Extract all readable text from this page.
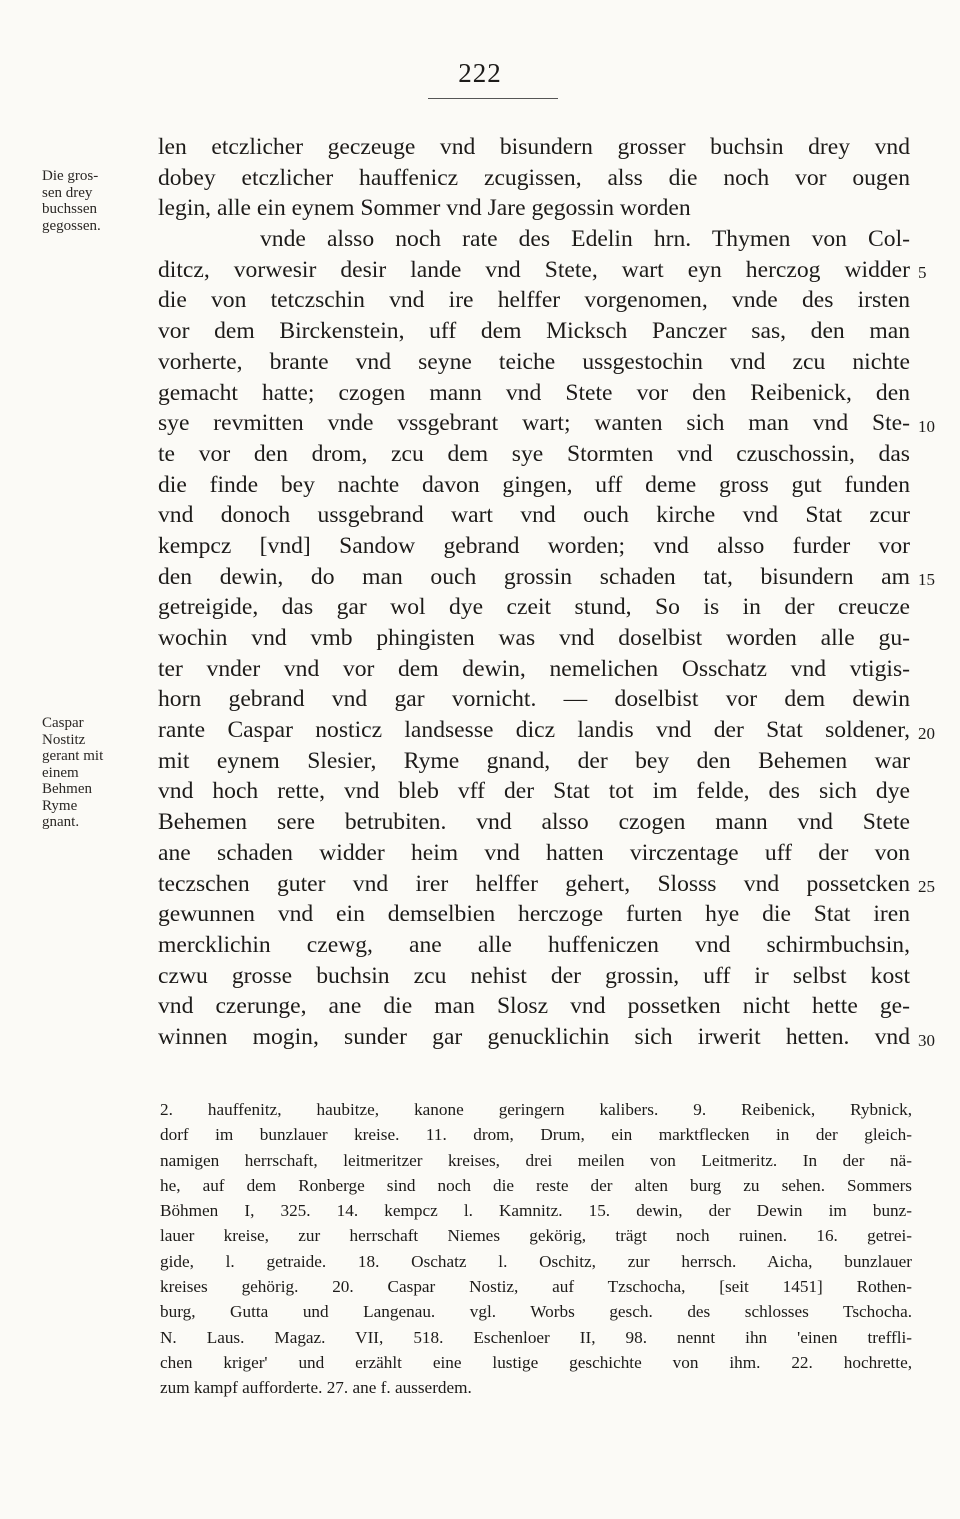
222
len etczlicher geczeuge vnd bisundern grosser buchsin drey vnd
dobey etczlicher hauffenicz zcugissen, alss die noch vor ougen
legin, alle ein eynem Sommer vnd Jare gegossin worden
vnde alsso noch rate des Edelin hrn. Thymen von Col-
ditcz, vorwesir desir lande vnd Stete, wart eyn herczog widder
die von tetczschin vnd ire helffer vorgenomen, vnde des irsten
vor dem Birckenstein, uff dem Micksch Panczer sas, den man
vorherte, brante vnd seyne teiche ussgestochin vnd zcu nichte
gemacht hatte; czogen mann vnd Stete vor den Reibenick, den
sye revmitten vnde vssgebrant wart; wanten sich man vnd Ste-
te vor den drom, zcu dem sye Stormten vnd czuschossin, das
die finde bey nachte davon gingen, uff deme gross gut funden
vnd donoch ussgebrand wart vnd ouch kirche vnd Stat zcur
kempcz [vnd] Sandow gebrand worden; vnd alsso furder vor
den dewin, do man ouch grossin schaden tat, bisundern am
getreigide, das gar wol dye czeit stund, So is in der creucze
wochin vnd vmb phingisten was vnd doselbist worden alle gu-
ter vnder vnd vor dem dewin, nemelichen Osschatz vnd vtigis-
horn gebrand vnd gar vornicht. — doselbist vor dem dewin
rante Caspar nosticz landsesse dicz landis vnd der Stat soldener,
mit eynem Slesier, Ryme gnand, der bey den Behemen war
vnd hoch rette, vnd bleb vff der Stat tot im felde, des sich dye
Behemen sere betrubiten. vnd alsso czogen mann vnd Stete
ane schaden widder heim vnd hatten virczentage uff der von
teczschen guter vnd irer helffer gehert, Slosss vnd possetcken
gewunnen vnd ein demselbien herczoge furten hye die Stat iren
mercklichin czewg, ane alle huffeniczen vnd schirmbuchsin,
czwu grosse buchsin zcu nehist der grossin, uff ir selbst kost
vnd czerunge, ane die man Slosz vnd possetken nicht hette ge-
winnen mogin, sunder gar genucklichin sich irwerit hetten. vnd
5
10
15
20
25
30
Die gros-
sen drey
buchssen
gegossen.
Caspar
Nostitz
gerant mit
einem
Behmen
Ryme
gnant.
2. hauffenitz, haubitze, kanone geringern kalibers. 9. Reibenick, Rybnick,
dorf im bunzlauer kreise. 11. drom, Drum, ein marktflecken in der gleich-
namigen herrschaft, leitmeritzer kreises, drei meilen von Leitmeritz. In der nä-
he, auf dem Ronberge sind noch die reste der alten burg zu sehen. Sommers
Böhmen I, 325. 14. kempcz l. Kamnitz. 15. dewin, der Dewin im bunz-
lauer kreise, zur herrschaft Niemes gekörig, trägt noch ruinen. 16. getrei-
gide, l. getraide. 18. Oschatz l. Oschitz, zur herrsch. Aicha, bunzlauer
kreises gehörig. 20. Caspar Nostiz, auf Tzschocha, [seit 1451] Rothen-
burg, Gutta und Langenau. vgl. Worbs gesch. des schlosses Tschocha.
N. Laus. Magaz. VII, 518. Eschenloer II, 98. nennt ihn 'einen treffli-
chen kriger' und erzählt eine lustige geschichte von ihm. 22. hochrette,
zum kampf aufforderte. 27. ane f. ausserdem.
